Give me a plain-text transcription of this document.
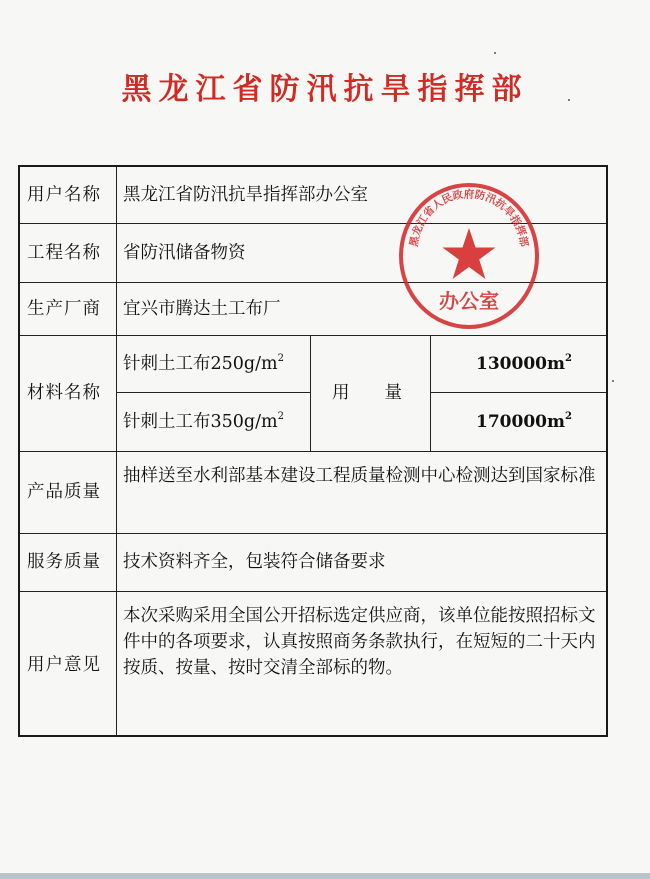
黑龙江省防汛抗旱指挥部
用户名称 黑龙江省防汛抗旱指挥部办公室
工程名称 省防汛储备物资
生产厂商 宜兴市腾达土工布厂
材料名称
针刺土工布$250g/m^2$
针刺土工布$350g/m^2$
用　　量
$130000m^2$
$170000m^2$
产品质量
抽样送至水利部基本建设工程质量检测中心检测达到国家标准
服务质量 技术资料齐全，包装符合储备要求
用户意见
本次采购采用全国公开招标选定供应商，该单位能按照招标文件中的各项要求，认真按照商务条款执行，在短短的二十天内按质、按量、按时交清全部标的物。
黑龙江省人民政府防汛抗旱指挥部
办公室
